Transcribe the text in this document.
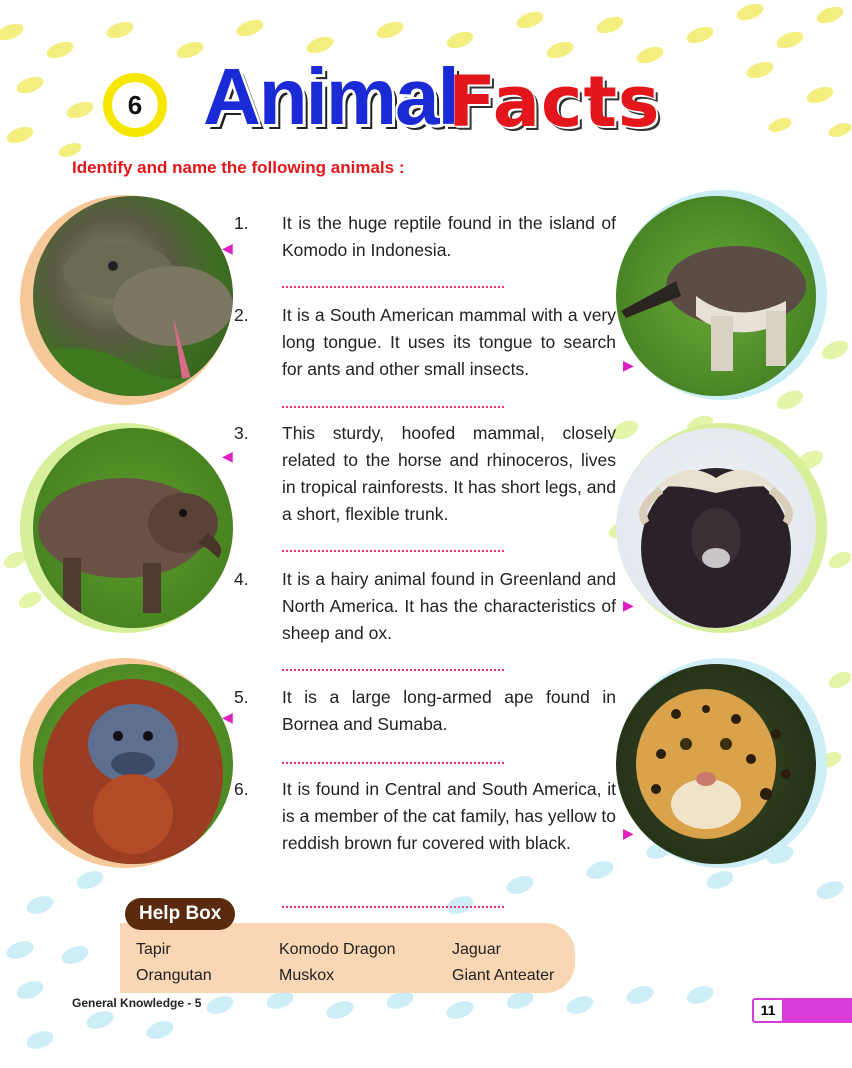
6 Animal
Facts
Identify and name the following animals :
◀
▶
◀
▶
◀
▶
1. It is the huge reptile found in the island of Komodo in Indonesia.
2. It is a South American mammal with a very long tongue. It uses its tongue to search for ants and other small insects.
3. This sturdy, hoofed mammal, closely related to the horse and rhinoceros, lives in tropical rainforests. It has short legs, and a short, flexible trunk.
4. It is a hairy animal found in Greenland and North America. It has the characteristics of sheep and ox.
5. It is a large long-armed ape found in Bornea and Sumaba.
6. It is found in Central and South America, it is a member of the cat family, has yellow to reddish brown fur covered with black.
Help Box
Tapir	Komodo Dragon	Jaguar
Orangutan	Muskox	Giant Anteater
General Knowledge - 5	11
